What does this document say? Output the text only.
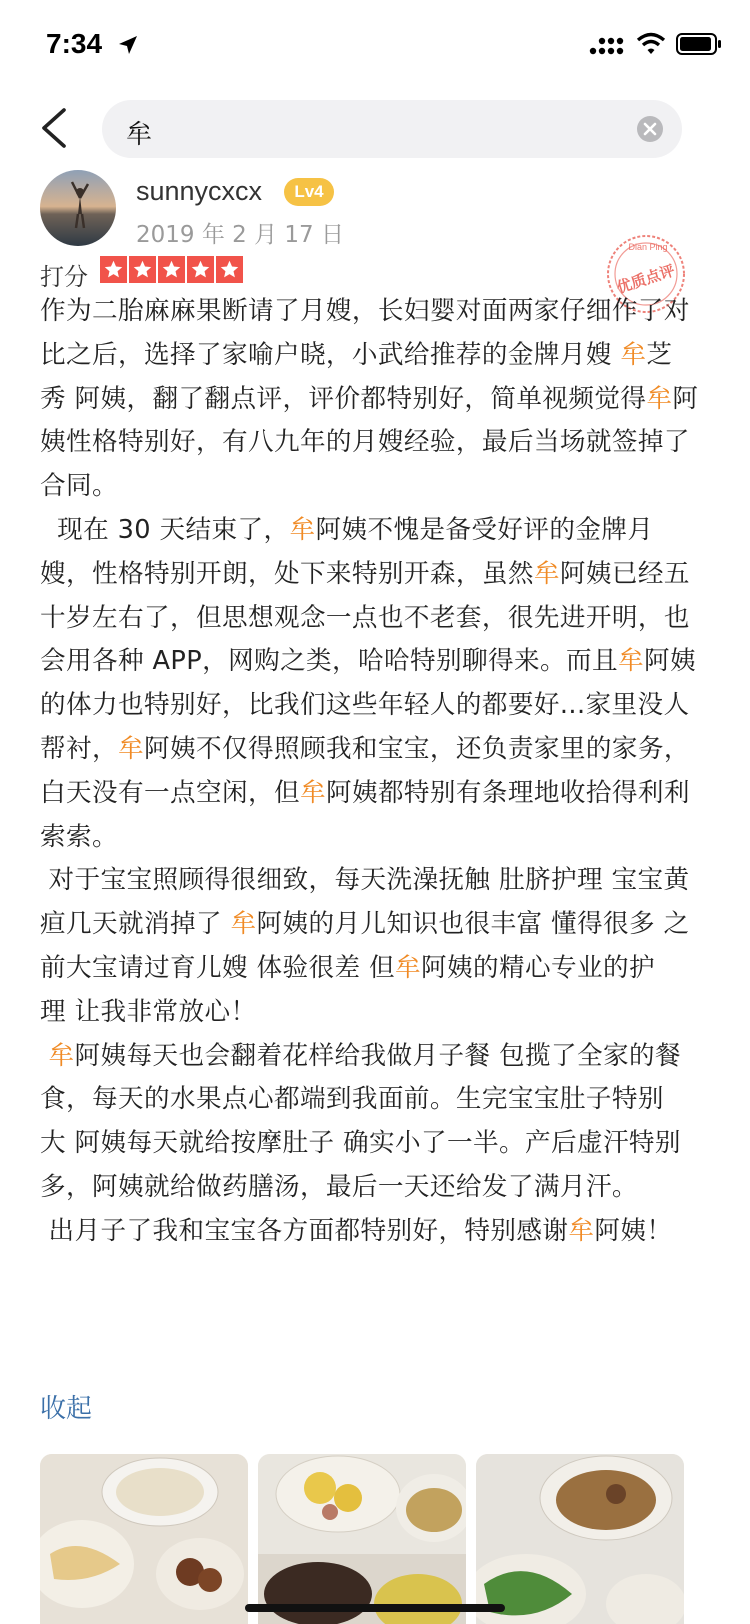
7:34
牟
sunnycxcx	Lv4
2019 年 2 月 17 日
打分
Dian Ping
优质点评

作为二胎麻麻果断请了月嫂，长妇婴对面两家仔细作了对比之后，选择了家喻户晓，小武给推荐的金牌月嫂 牟芝秀 阿姨，翻了翻点评，评价都特别好，简单视频觉得牟阿姨性格特别好，有八九年的月嫂经验，最后当场就签掉了合同。

现在 30 天结束了，牟阿姨不愧是备受好评的金牌月嫂，性格特别开朗，处下来特别开森，虽然牟阿姨已经五十岁左右了，但思想观念一点也不老套，很先进开明，也会用各种 APP，网购之类，哈哈特别聊得来。而且牟阿姨的体力也特别好，比我们这些年轻人的都要好...家里没人帮衬，牟阿姨不仅得照顾我和宝宝，还负责家里的家务，白天没有一点空闲，但牟阿姨都特别有条理地收拾得利利索索。

对于宝宝照顾得很细致，每天洗澡抚触 肚脐护理 宝宝黄疸几天就消掉了 牟阿姨的月儿知识也很丰富 懂得很多 之前大宝请过育儿嫂 体验很差 但牟阿姨的精心专业的护理 让我非常放心！

牟阿姨每天也会翻着花样给我做月子餐 包揽了全家的餐食，每天的水果点心都端到我面前。生完宝宝肚子特别大 阿姨每天就给按摩肚子 确实小了一半。产后虚汗特别多，阿姨就给做药膳汤，最后一天还给发了满月汗。

出月子了我和宝宝各方面都特别好，特别感谢牟阿姨！

收起
